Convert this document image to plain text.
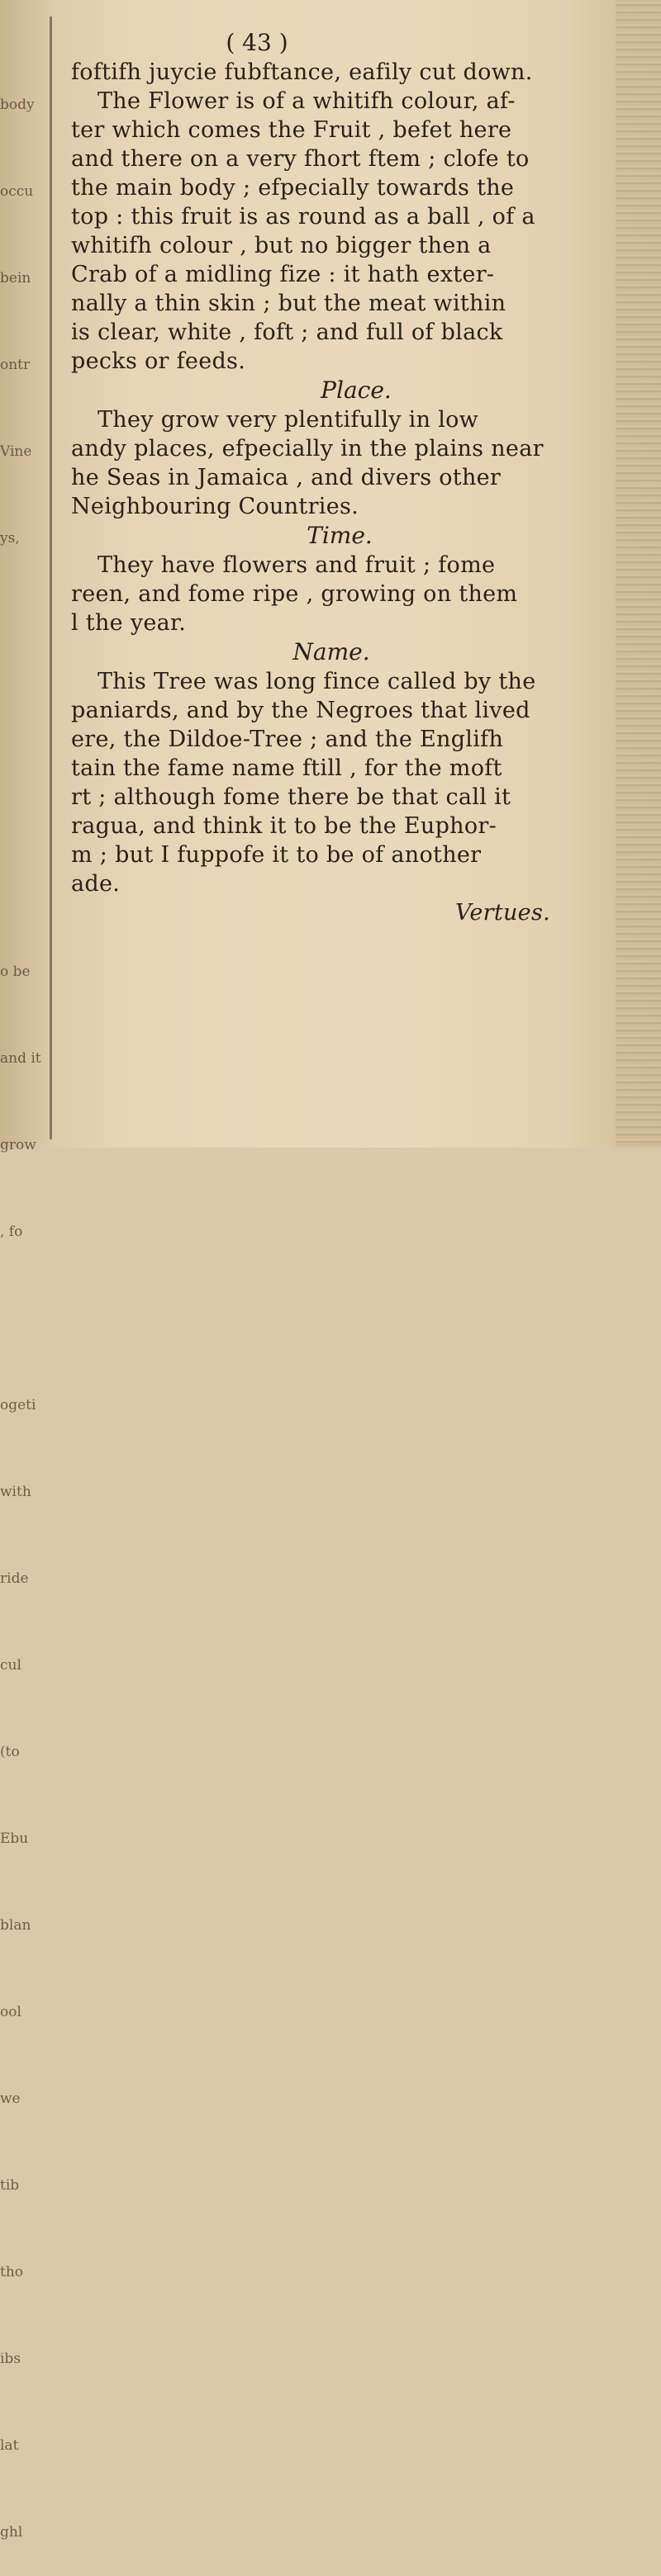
body

occu

bein

ontr

Vine

ys,

o be

and it

grow

, fo

ogeti

with

ride

cul

(to

Ebu

blan

ool

we

tib

tho

ibs

lat

ghl

( 43 )
foftifh juycie fubftance, eafily cut down.
The Flower is of a whitifh colour, af-
ter which comes the Fruit , befet here
and there on a very fhort ftem ; clofe to
the main body ; efpecially towards the
top : this fruit is as round as a ball , of a
whitifh colour , but no bigger then a
Crab of a midling fize : it hath exter-
nally a thin skin ; but the meat within
is clear, white , foft ; and full of black
pecks or feeds.
Place.
They grow very plentifully in low
andy places, efpecially in the plains near
he Seas in Jamaica , and divers other
Neighbouring Countries.
Time.
They have flowers and fruit ; fome
reen, and fome ripe , growing on them
l the year.
Name.
This Tree was long fince called by the
paniards, and by the Negroes that lived
ere, the Dildoe-Tree ; and the Englifh
tain the fame name ftill , for the moft
rt ; although fome there be that call it
ragua, and think it to be the Euphor-
m ; but I fuppofe it to be of another
ade.
Vertues.
